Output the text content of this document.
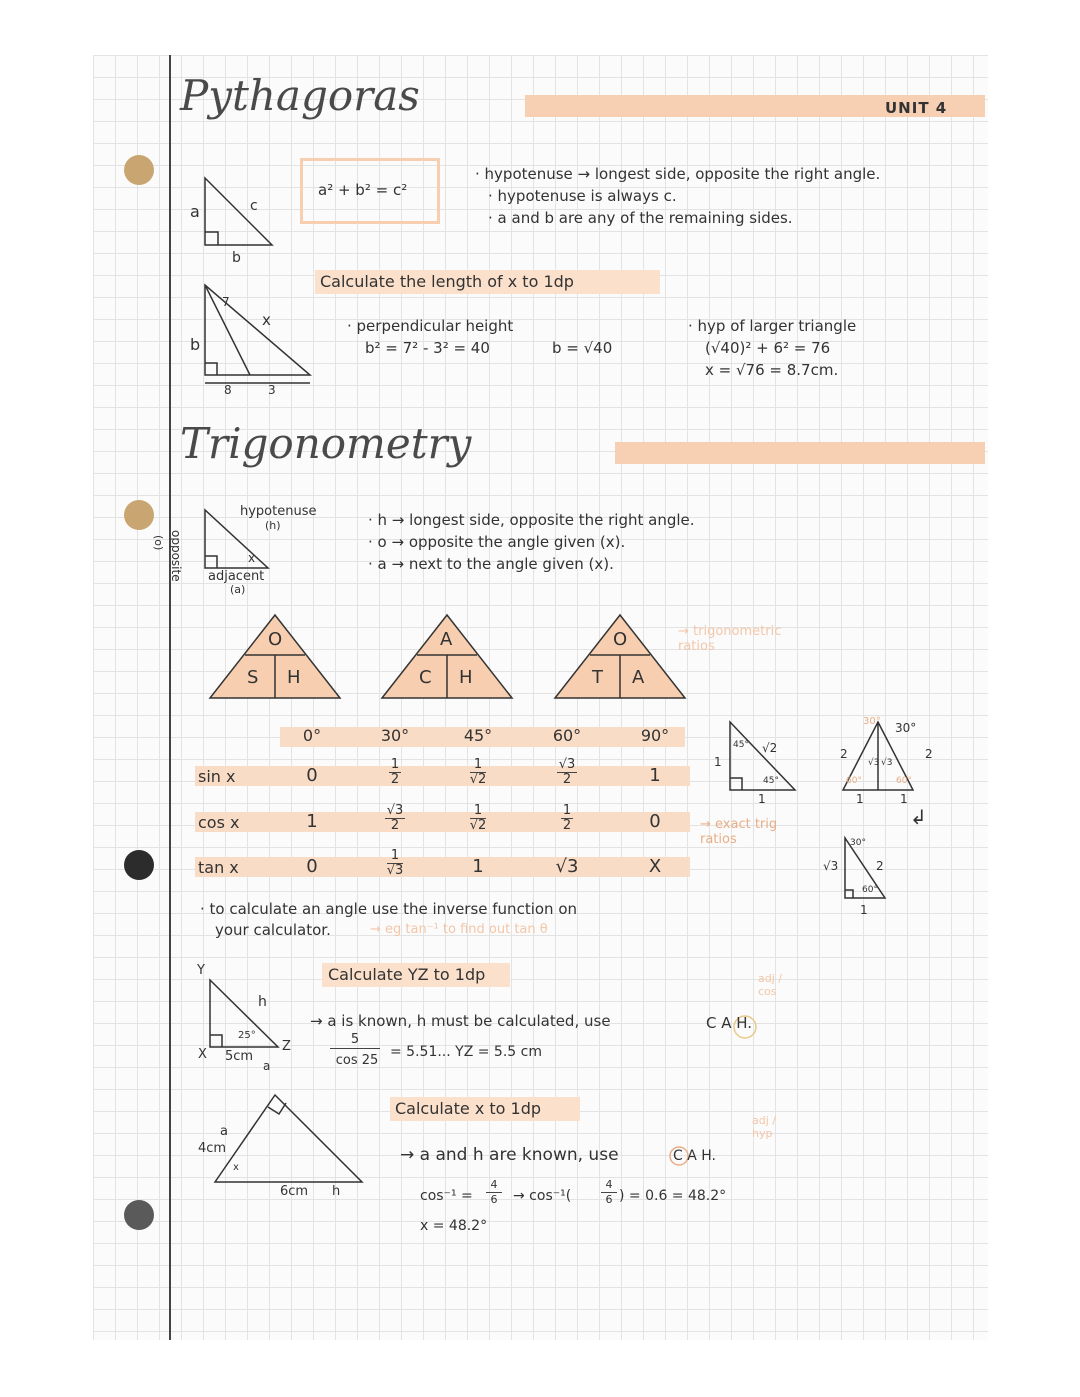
Pythagoras	UNIT 4
a² + b² = c²
· hypotenuse → longest side, opposite the right angle.
· hypotenuse is always c.
· a and b are any of the remaining sides.
a	c
b
Calculate the length of x to 1dp
b
7
x
8	3
· perpendicular height
b² = 7² - 3² = 40	b = √40
· hyp of larger triangle
(√40)² + 6² = 76
x = √76 = 8.7cm.
Trigonometry
hypotenuse
(h)
opposite
(o)
adjacent
(a)
x
· h → longest side, opposite the right angle.
· o → opposite the angle given (x).
· a → next to the angle given (x).
O
S H
A
C H
O
T A
→ trigonometric ratios
0°	30°	45°	60°	90°
sin x	0	$\frac{1}{2}$	$\frac{1}{√2}$	$\frac{√3}{2}$	1
cos x	1	$\frac{√3}{2}$	$\frac{1}{√2}$	$\frac{1}{2}$	0
tan x	0	$\frac{1}{√3}$	1	√3	X
→ exact trig ratios
45° √2
45°
1
1
30° 30°
2	2
√3 √3
60°	60°
1	1
↲
30°
√3	2
60°
1
· to calculate an angle use the inverse function on
your calculator.	→ eg tan⁻¹ to find out tan θ
Calculate YZ to 1dp
Y
X
Z
h
25°
5cm
a
→ a is known, h must be calculated, use	C A H.
adj / cos
5
cos 25
= 5.51... YZ = 5.5 cm
Calculate x to 1dp
a
4cm
x
6cm h
→ a and h are known, use	C A H.
adj / hyp
cos⁻¹ =
4
6	→ cos⁻¹(
4
6 ) = 0.6̇ = 48.2°
x = 48.2°
